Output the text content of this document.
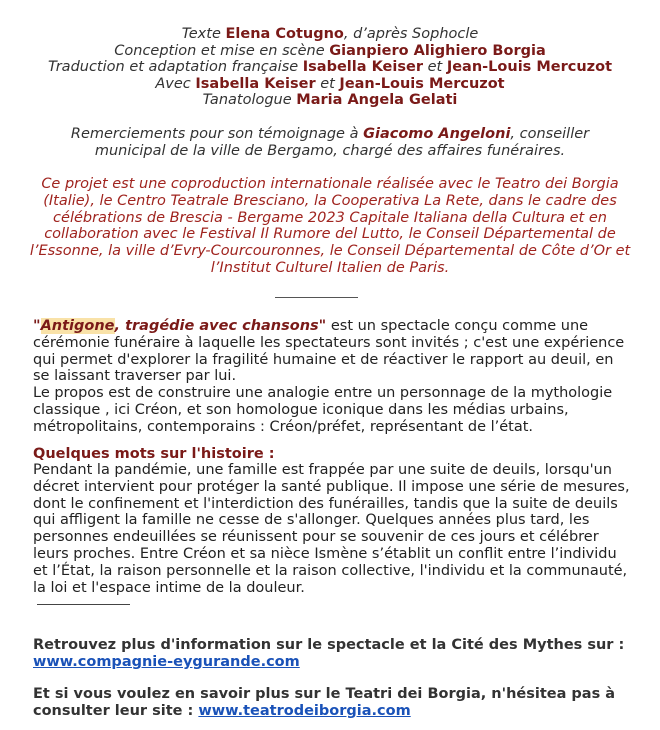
Texte Elena Cotugno, d’après Sophocle
Conception et mise en scène Gianpiero Alighiero Borgia
Traduction et adaptation française Isabella Keiser et Jean-Louis Mercuzot
Avec Isabella Keiser et Jean-Louis Mercuzot
Tanatologue Maria Angela Gelati
Remerciements pour son témoignage à Giacomo Angeloni, conseiller municipal de la ville de Bergamo, chargé des affaires funéraires.
Ce projet est une coproduction internationale réalisée avec le Teatro dei Borgia (Italie), le Centro Teatrale Bresciano, la Cooperativa La Rete, dans le cadre des célébrations de Brescia - Bergame 2023 Capitale Italiana della Cultura et en collaboration avec le Festival Il Rumore del Lutto, le Conseil Départemental de l’Essonne, la ville d’Evry-Courcouronnes, le Conseil Départemental de Côte d’Or et l’Institut Culturel Italien de Paris.
"Antigone, tragédie avec chansons" est un spectacle conçu comme une cérémonie funéraire à laquelle les spectateurs sont invités ; c'est une expérience qui permet d'explorer la fragilité humaine et de réactiver le rapport au deuil, en se laissant traverser par lui.
Le propos est de construire une analogie entre un personnage de la mythologie classique , ici Créon, et son homologue iconique dans les médias urbains, métropolitains, contemporains : Créon/préfet, représentant de l’état.
Quelques mots sur l'histoire :
Pendant la pandémie, une famille est frappée par une suite de deuils, lorsqu'un décret intervient pour protéger la santé publique. Il impose une série de mesures, dont le confinement et l'interdiction des funérailles, tandis que la suite de deuils qui affligent la famille ne cesse de s'allonger. Quelques années plus tard, les personnes endeuillées se réunissent pour se souvenir de ces jours et célébrer leurs proches. Entre Créon et sa nièce Ismène s’établit un conflit entre l’individu et l’État, la raison personnelle et la raison collective, l'individu et la communauté, la loi et l'espace intime de la douleur.
Retrouvez plus d'information sur le spectacle et la Cité des Mythes sur : www.compagnie-eygurande.com
Et si vous voulez en savoir plus sur le Teatri dei Borgia, n'hésitea pas à consulter leur site : www.teatrodeiborgia.com
